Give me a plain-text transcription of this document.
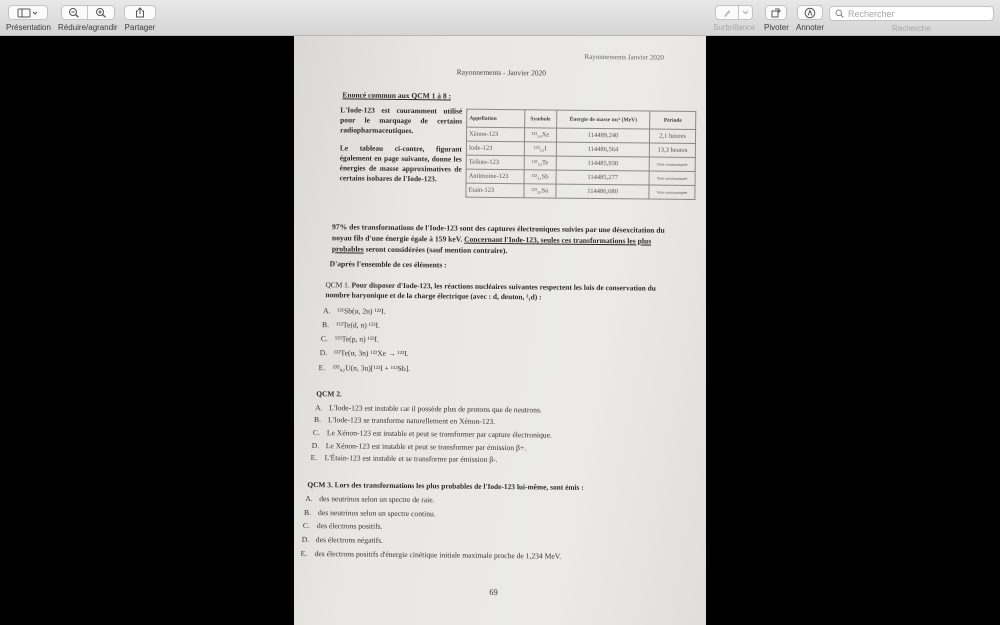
Présentation Réduire/agrandir Partager	Surbrillance Pivoter Annoter
Rechercher	Recherche
Rayonnements Janvier 2020
Rayonnements - Janvier 2020
Enoncé commun aux QCM 1 à 8 :

L'Iode-123 est couramment utilisé pour le marquage de certains radiopharmaceutiques.

Le tableau ci-contre, figurant également en page suivante, donne les énergies de masse approximatives de certains isobares de l'Iode-123.

Appellation	Symbole	Énergie de masse mc² (MeV)	Période
Xénon-123	¹²³₅₄Xe	114489,240	2,1 heures
Iode-123	¹²³₅₃I	114486,564	13,3 heures
Tellure-123	¹²³₅₂Te	114485,930	Non communiquée
Antimoine-123	¹²³₅₁Sb	114485,277	Non communiquée
Etain-123	¹²³₅₀Sn	114486,680	Non communiquée
97% des transformations de l'Iode-123 sont des captures électroniques suivies par une désexcitation du noyau fils d'une énergie égale à 159 keV. Concernant l'Iode-123, seules ces transformations les plus probables seront considérées (sauf mention contraire).
D'après l'ensemble de ces éléments :
QCM 1. Pour disposer d'Iode-123, les réactions nucléaires suivantes respectent les lois de conservation du nombre baryonique et de la charge électrique (avec : d, deuton, ²₁d) :
A. ¹²¹Sb(α, 2n) ¹²³I.
B. ¹²²Te(d, n) ¹²³I.
C. ¹²³Te(p, n) ¹²³I.
D. ¹²²Te(α, 3n) ¹²³Xe → ¹²³I.
E. ²³⁵₉₂U(n, 3n)[¹²³I + ¹¹²Sb].
QCM 2.
A. L'Iode-123 est instable car il possède plus de protons que de neutrons.
B. L'Iode-123 se transforme naturellement en Xénon-123.
C. Le Xénon-123 est instable et peut se transformer par capture électronique.
D. Le Xénon-123 est instable et peut se transformer par émission β+.
E. L'Étain-123 est instable et se transforme par émission β-.
QCM 3. Lors des transformations les plus probables de l'Iode-123 lui-même, sont émis :
A. des neutrinos selon un spectre de raie.
B. des neutrinos selon un spectre continu.
C. des électrons positifs.
D. des électrons négatifs.
E. des électrons positifs d'énergie cinétique initiale maximale proche de 1,234 MeV.
69
